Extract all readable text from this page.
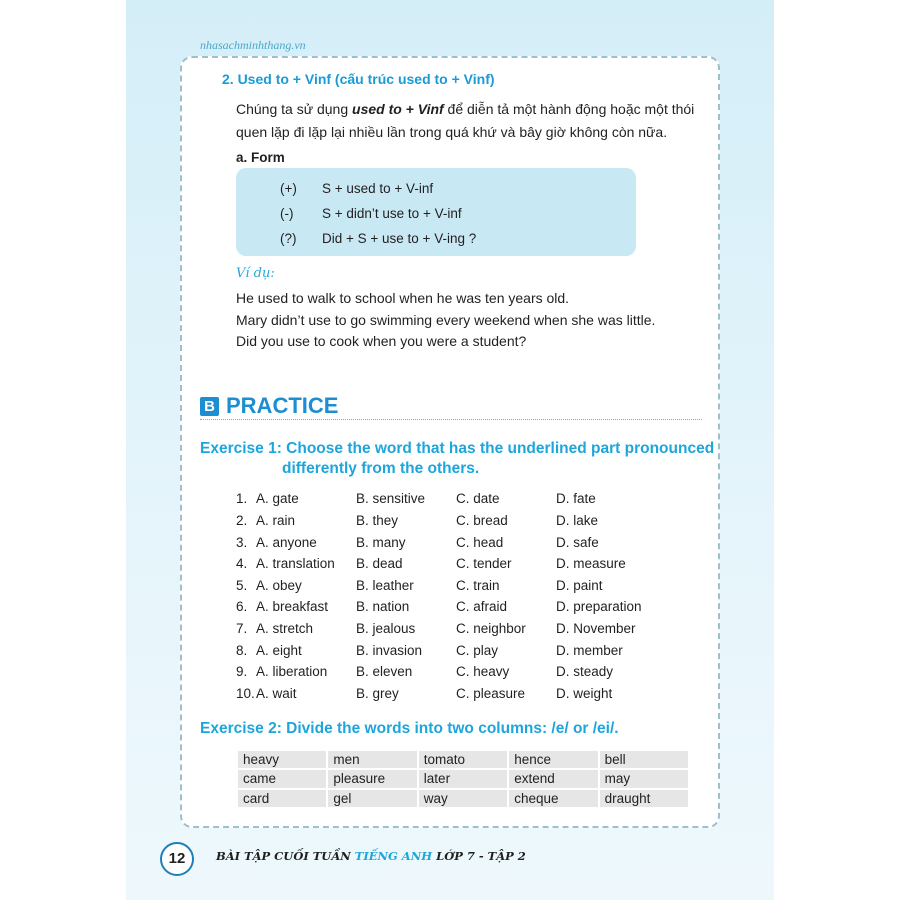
nhasachminhthang.vn
2. Used to + Vinf (cấu trúc used to + Vinf)
Chúng ta sử dụng used to + Vinf để diễn tả một hành động hoặc một thói quen lặp đi lặp lại nhiều lần trong quá khứ và bây giờ không còn nữa.
a. Form
(+) S + used to + V-inf
(-) S + didn’t use to + V-inf
(?) Did + S + use to + V-ing ?
Ví dụ:
He used to walk to school when he was ten years old.
Mary didn’t use to go swimming every weekend when she was little.
Did you use to cook when you were a student?
B PRACTICE
Exercise 1: Choose the word that has the underlined part pronounced
differently from the others.
1. A. gate	B. sensitive C. date	D. fate
2. A. rain	B. they	C. bread	D. lake
3. A. anyone	B. many	C. head	D. safe
4. A. translation B. dead	C. tender	D. measure
5. A. obey	B. leather	C. train	D. paint
6. A. breakfast B. nation	C. afraid	D. preparation
7. A. stretch	B. jealous	C. neighbor D. November
8. A. eight	B. invasion	C. play	D. member
9. A. liberation B. eleven	C. heavy	D. steady
10. A. wait	B. grey	C. pleasure D. weight
Exercise 2: Divide the words into two columns: /e/ or /ei/.
heavy	men	tomato	hence	bell
came	pleasure	later	extend	may
card	gel	way	cheque	draught
12	BÀI TẬP CUỐI TUẦN TIẾNG ANH LỚP 7 - TẬP 2
